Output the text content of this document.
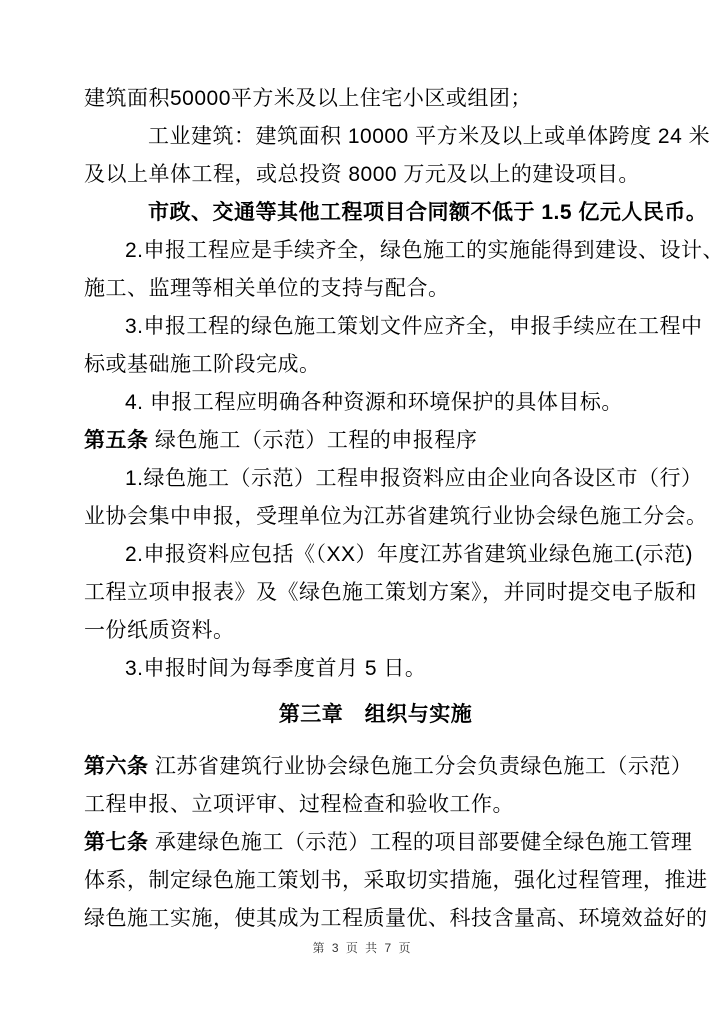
建筑面积50000平方米及以上住宅小区或组团；
工业建筑：建筑面积 10000 平方米及以上或单体跨度 24 米
及以上单体工程，或总投资 8000 万元及以上的建设项目。
市政、交通等其他工程项目合同额不低于 1.5 亿元人民币。
2.申报工程应是手续齐全，绿色施工的实施能得到建设、设计、
施工、监理等相关单位的支持与配合。
3.申报工程的绿色施工策划文件应齐全，申报手续应在工程中
标或基础施工阶段完成。
4. 申报工程应明确各种资源和环境保护的具体目标。
第五条 绿色施工（示范）工程的申报程序
1.绿色施工（示范）工程申报资料应由企业向各设区市（行）
业协会集中申报，受理单位为江苏省建筑行业协会绿色施工分会。
2.申报资料应包括《（XX）年度江苏省建筑业绿色施工(示范)
工程立项申报表》及《绿色施工策划方案》，并同时提交电子版和
一份纸质资料。
3.申报时间为每季度首月 5 日。
第三章　组织与实施
第六条 江苏省建筑行业协会绿色施工分会负责绿色施工（示范）
工程申报、立项评审、过程检查和验收工作。
第七条 承建绿色施工（示范）工程的项目部要健全绿色施工管理
体系，制定绿色施工策划书，采取切实措施，强化过程管理，推进
绿色施工实施，使其成为工程质量优、科技含量高、环境效益好的
第 3 页 共 7 页
